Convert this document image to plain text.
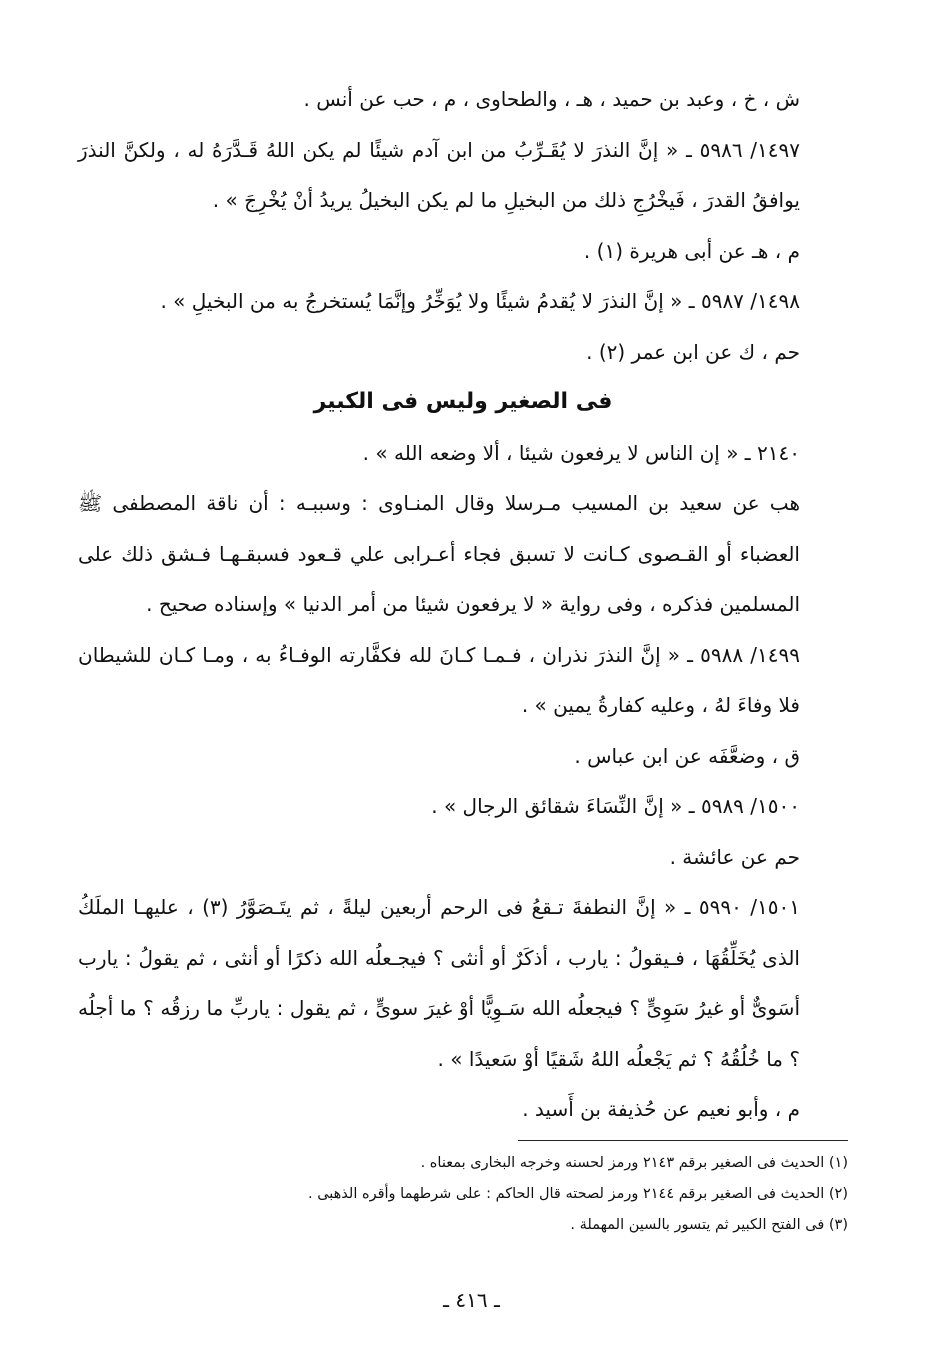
ش ، خ ، وعبد بن حميد ، هـ ، والطحاوى ، م ، حب عن أنس .

١٤٩٧/ ٥٩٨٦ ـ « إنَّ النذرَ لا يُقَـرِّبُ من ابن آدم شيئًا لم يكن اللهُ قَـدَّرَهُ له ، ولكنَّ النذرَ يوافقُ القدرَ ، فَيخْرُجِ ذلك من البخيلِ ما لم يكن البخيلُ يريدُ أنْ يُخْرِجَ » .

م ، هـ عن أبى هريرة (١) .

١٤٩٨/ ٥٩٨٧ ـ « إنَّ النذرَ لا يُقدمُ شيئًا ولا يُوَخِّرُ وإنَّمَا يُستخرجُ به من البخيلِ » .

حم ، ك عن ابن عمر (٢) .

فى الصغير وليس فى الكبير

٢١٤٠ ـ « إن الناس لا يرفعون شيئا ، ألا وضعه الله » .

هب عن سعيد بن المسيب مـرسلا وقال المنـاوى : وسببـه : أن ناقة المصطفى ﷺ العضباء أو القـصوى كـانت لا تسبق فجاء أعـرابى علي قـعود فسبقـهـا فـشق ذلك على المسلمين فذكره ، وفى رواية « لا يرفعون شيئا من أمر الدنيا » وإسناده صحيح .

١٤٩٩/ ٥٩٨٨ ـ « إنَّ النذرَ نذران ، فـمـا كـانَ لله فكفَّارته الوفـاءُ به ، ومـا كـان للشيطان فلا وفاءَ لهُ ، وعليه كفارةُ يمين » .

ق ، وضعَّفَه عن ابن عباس .

١٥٠٠/ ٥٩٨٩ ـ « إنَّ النِّسَاءَ شقائق الرجال » .

حم عن عائشة .

١٥٠١/ ٥٩٩٠ ـ « إنَّ النطفةَ تـقعُ فى الرحم أربعين ليلةً ، ثم يتَـصَوَّرُ (٣) ، عليهـا الملَكُ الذى يُخَلِّقُهَا ، فـيقولُ : يارب ، أذكَرٌ أو أنثى ؟ فيجـعلُه الله ذكرًا أو أنثى ، ثم يقولُ : يارب أسَوىٌّ أو غيرُ سَوِىٍّ ؟ فيجعلُه الله سَـوِيًّا أوْ غيرَ سوىٍّ ، ثم يقول : ياربِّ ما رزقُه ؟ ما أجلُه ؟ ما خُلُقُهُ ؟ ثم يَجْعلُه اللهُ شَقيًا أوْ سَعيدًا » .

م ، وأبو نعيم عن حُذيفة بن أَسيد .

(١) الحديث فى الصغير برقم ٢١٤٣ ورمز لحسنه وخرجه البخارى بمعناه .

(٢) الحديث فى الصغير برقم ٢١٤٤ ورمز لصحته قال الحاكم : على شرطهما وأقره الذهبى .

(٣) فى الفتح الكبير ثم يتسور بالسين المهملة .

ـ ٤١٦ ـ
